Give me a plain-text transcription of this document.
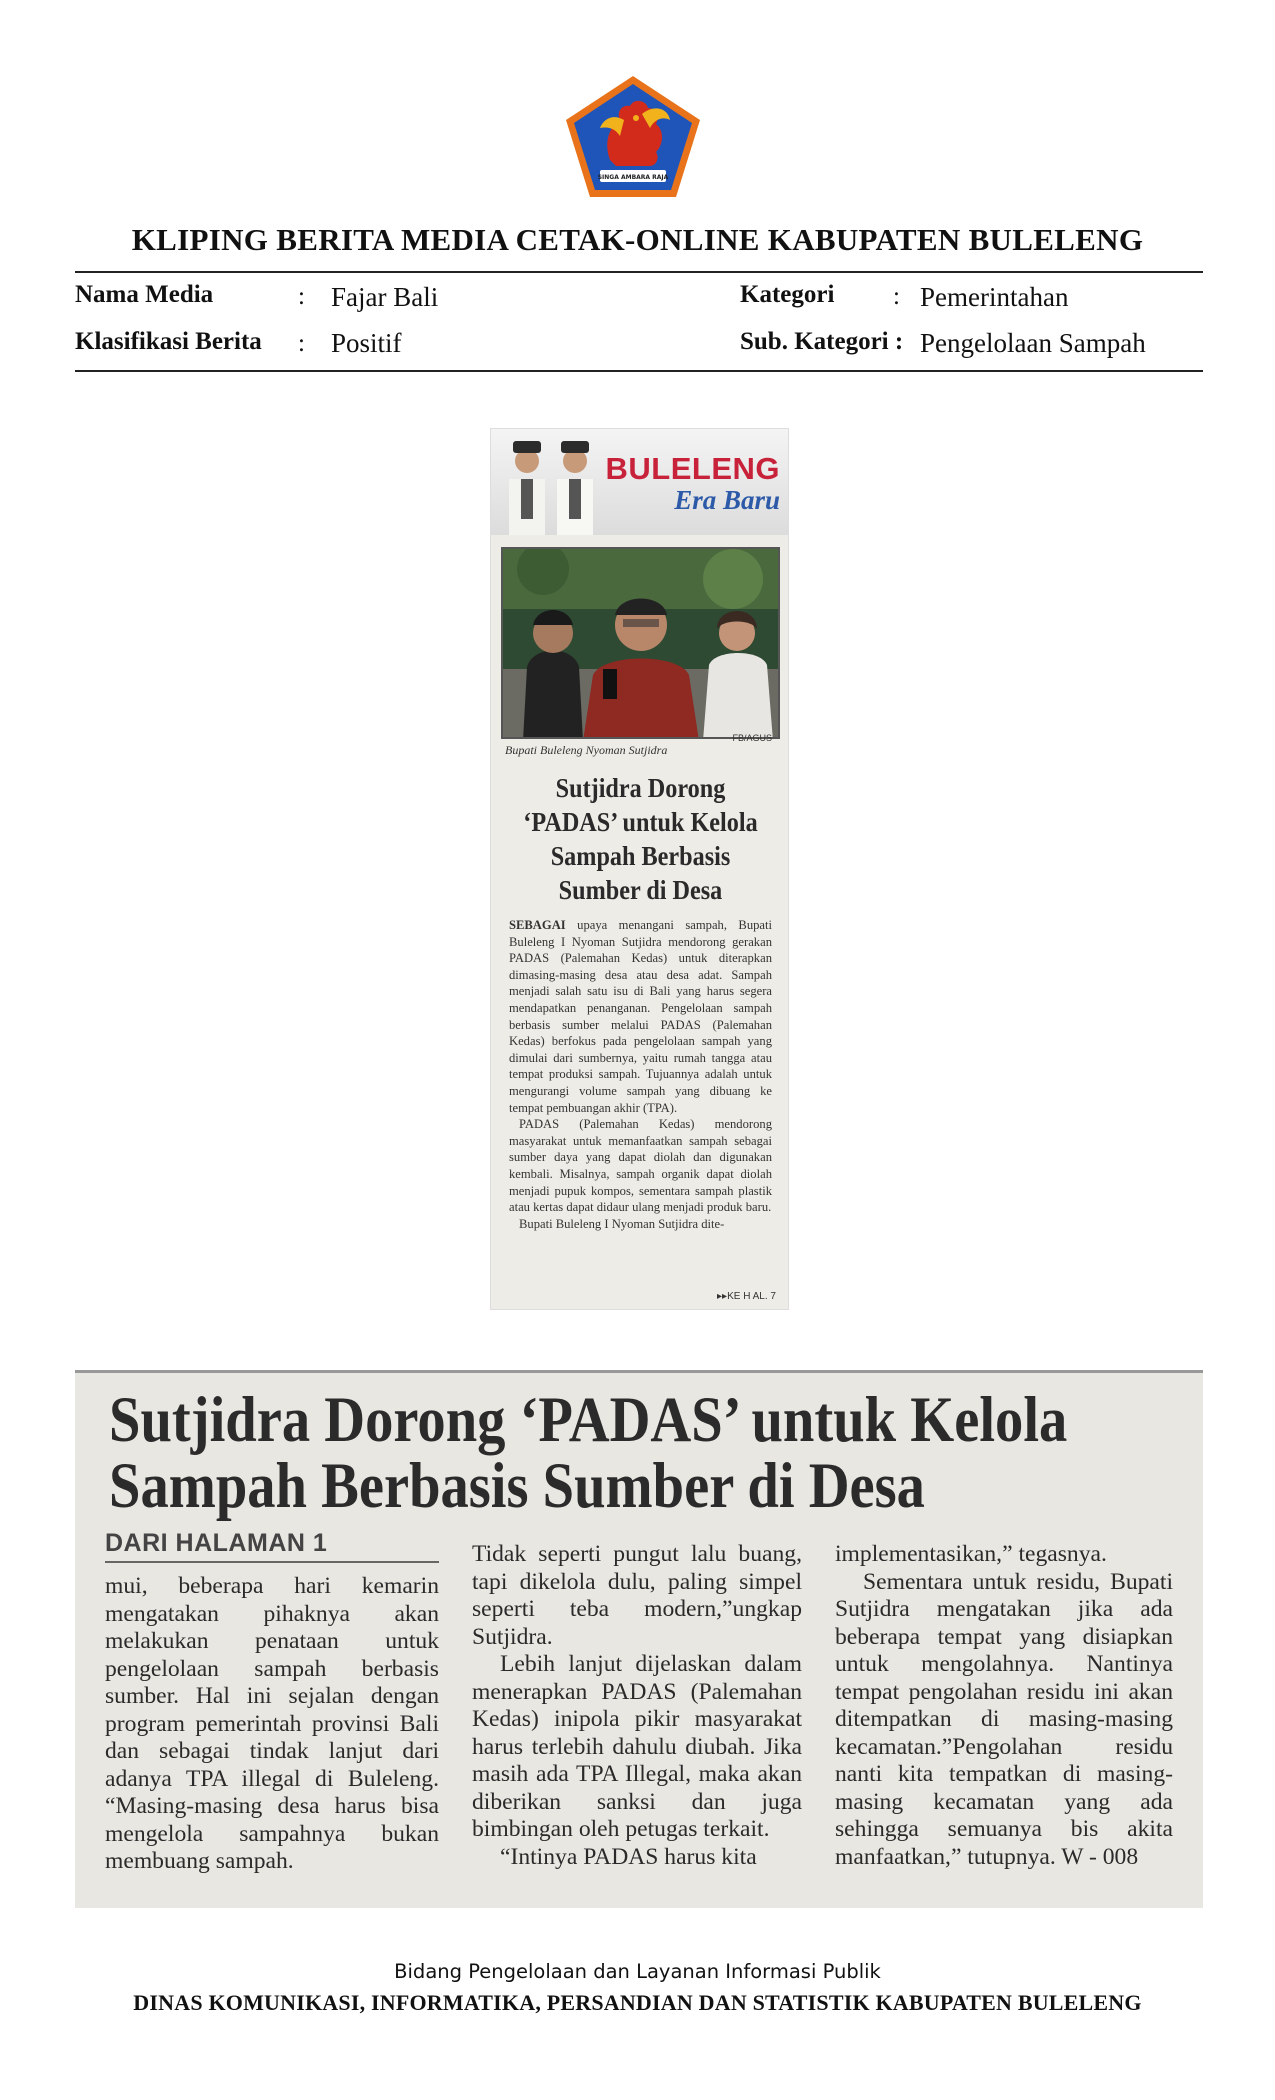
SINGA AMBARA RAJA
KLIPING BERITA MEDIA CETAK-ONLINE KABUPATEN BULELENG
Nama Media	: Fajar Bali	Kategori : Pemerintahan
Klasifikasi Berita : Positif	Sub. Kategori : Pengelolaan Sampah
BULELENG
Era Baru
FB/AGUS
Bupati Buleleng Nyoman Sutjidra
Sutjidra Dorong
‘PADAS’ untuk Kelola
Sampah Berbasis
Sumber di Desa

SEBAGAI upaya menangani sampah, Bupati Buleleng I Nyoman Sutjidra mendorong gerakan PADAS (Palemahan Kedas) untuk diterapkan dimasing-masing desa atau desa adat. Sampah menjadi salah satu isu di Bali yang harus segera mendapatkan penanganan. Pengelolaan sampah berbasis sumber melalui PADAS (Palemahan Kedas) berfokus pada pengelolaan sampah yang dimulai dari sumbernya, yaitu rumah tangga atau tempat produksi sampah. Tujuannya adalah untuk mengurangi volume sampah yang dibuang ke tempat pembuangan akhir (TPA).

PADAS (Palemahan Kedas) mendorong masyarakat untuk memanfaatkan sampah sebagai sumber daya yang dapat diolah dan digunakan kembali. Misalnya, sampah organik dapat diolah menjadi pupuk kompos, sementara sampah plastik atau kertas dapat didaur ulang menjadi produk baru.

Bupati Buleleng I Nyoman Sutjidra dite-

▸▸KE H AL. 7
Sutjidra Dorong ‘PADAS’ untuk Kelola
Sampah Berbasis Sumber di Desa
DARI HALAMAN 1

mui, beberapa hari kemarin mengatakan pihaknya akan melakukan penataan untuk pengelolaan sampah berbasis sumber. Hal ini sejalan dengan program pemerintah provinsi Bali dan sebagai tindak lanjut dari adanya TPA illegal di Buleleng. “Masing-masing desa harus bisa mengelola sampahnya bukan membuang sampah.

Tidak seperti pungut lalu buang, tapi dikelola dulu, paling simpel seperti teba modern,”ungkap Sutjidra.

Lebih lanjut dijelaskan dalam menerapkan PADAS (Palemahan Kedas) inipola pikir masyarakat harus terlebih dahulu diubah. Jika masih ada TPA Illegal, maka akan diberikan sanksi dan juga bimbingan oleh petugas terkait.

“Intinya PADAS harus kita

implementasikan,” tegasnya.

Sementara untuk residu, Bupati Sutjidra mengatakan jika ada beberapa tempat yang disiapkan untuk mengolahnya. Nantinya tempat pengolahan residu ini akan ditempatkan di masing-masing kecamatan.”Pengolahan residu nanti kita tempatkan di masing-masing kecamatan yang ada sehingga semuanya bis akita manfaatkan,” tutupnya. W - 008

Bidang Pengelolaan dan Layanan Informasi Publik
DINAS KOMUNIKASI, INFORMATIKA, PERSANDIAN DAN STATISTIK KABUPATEN BULELENG
